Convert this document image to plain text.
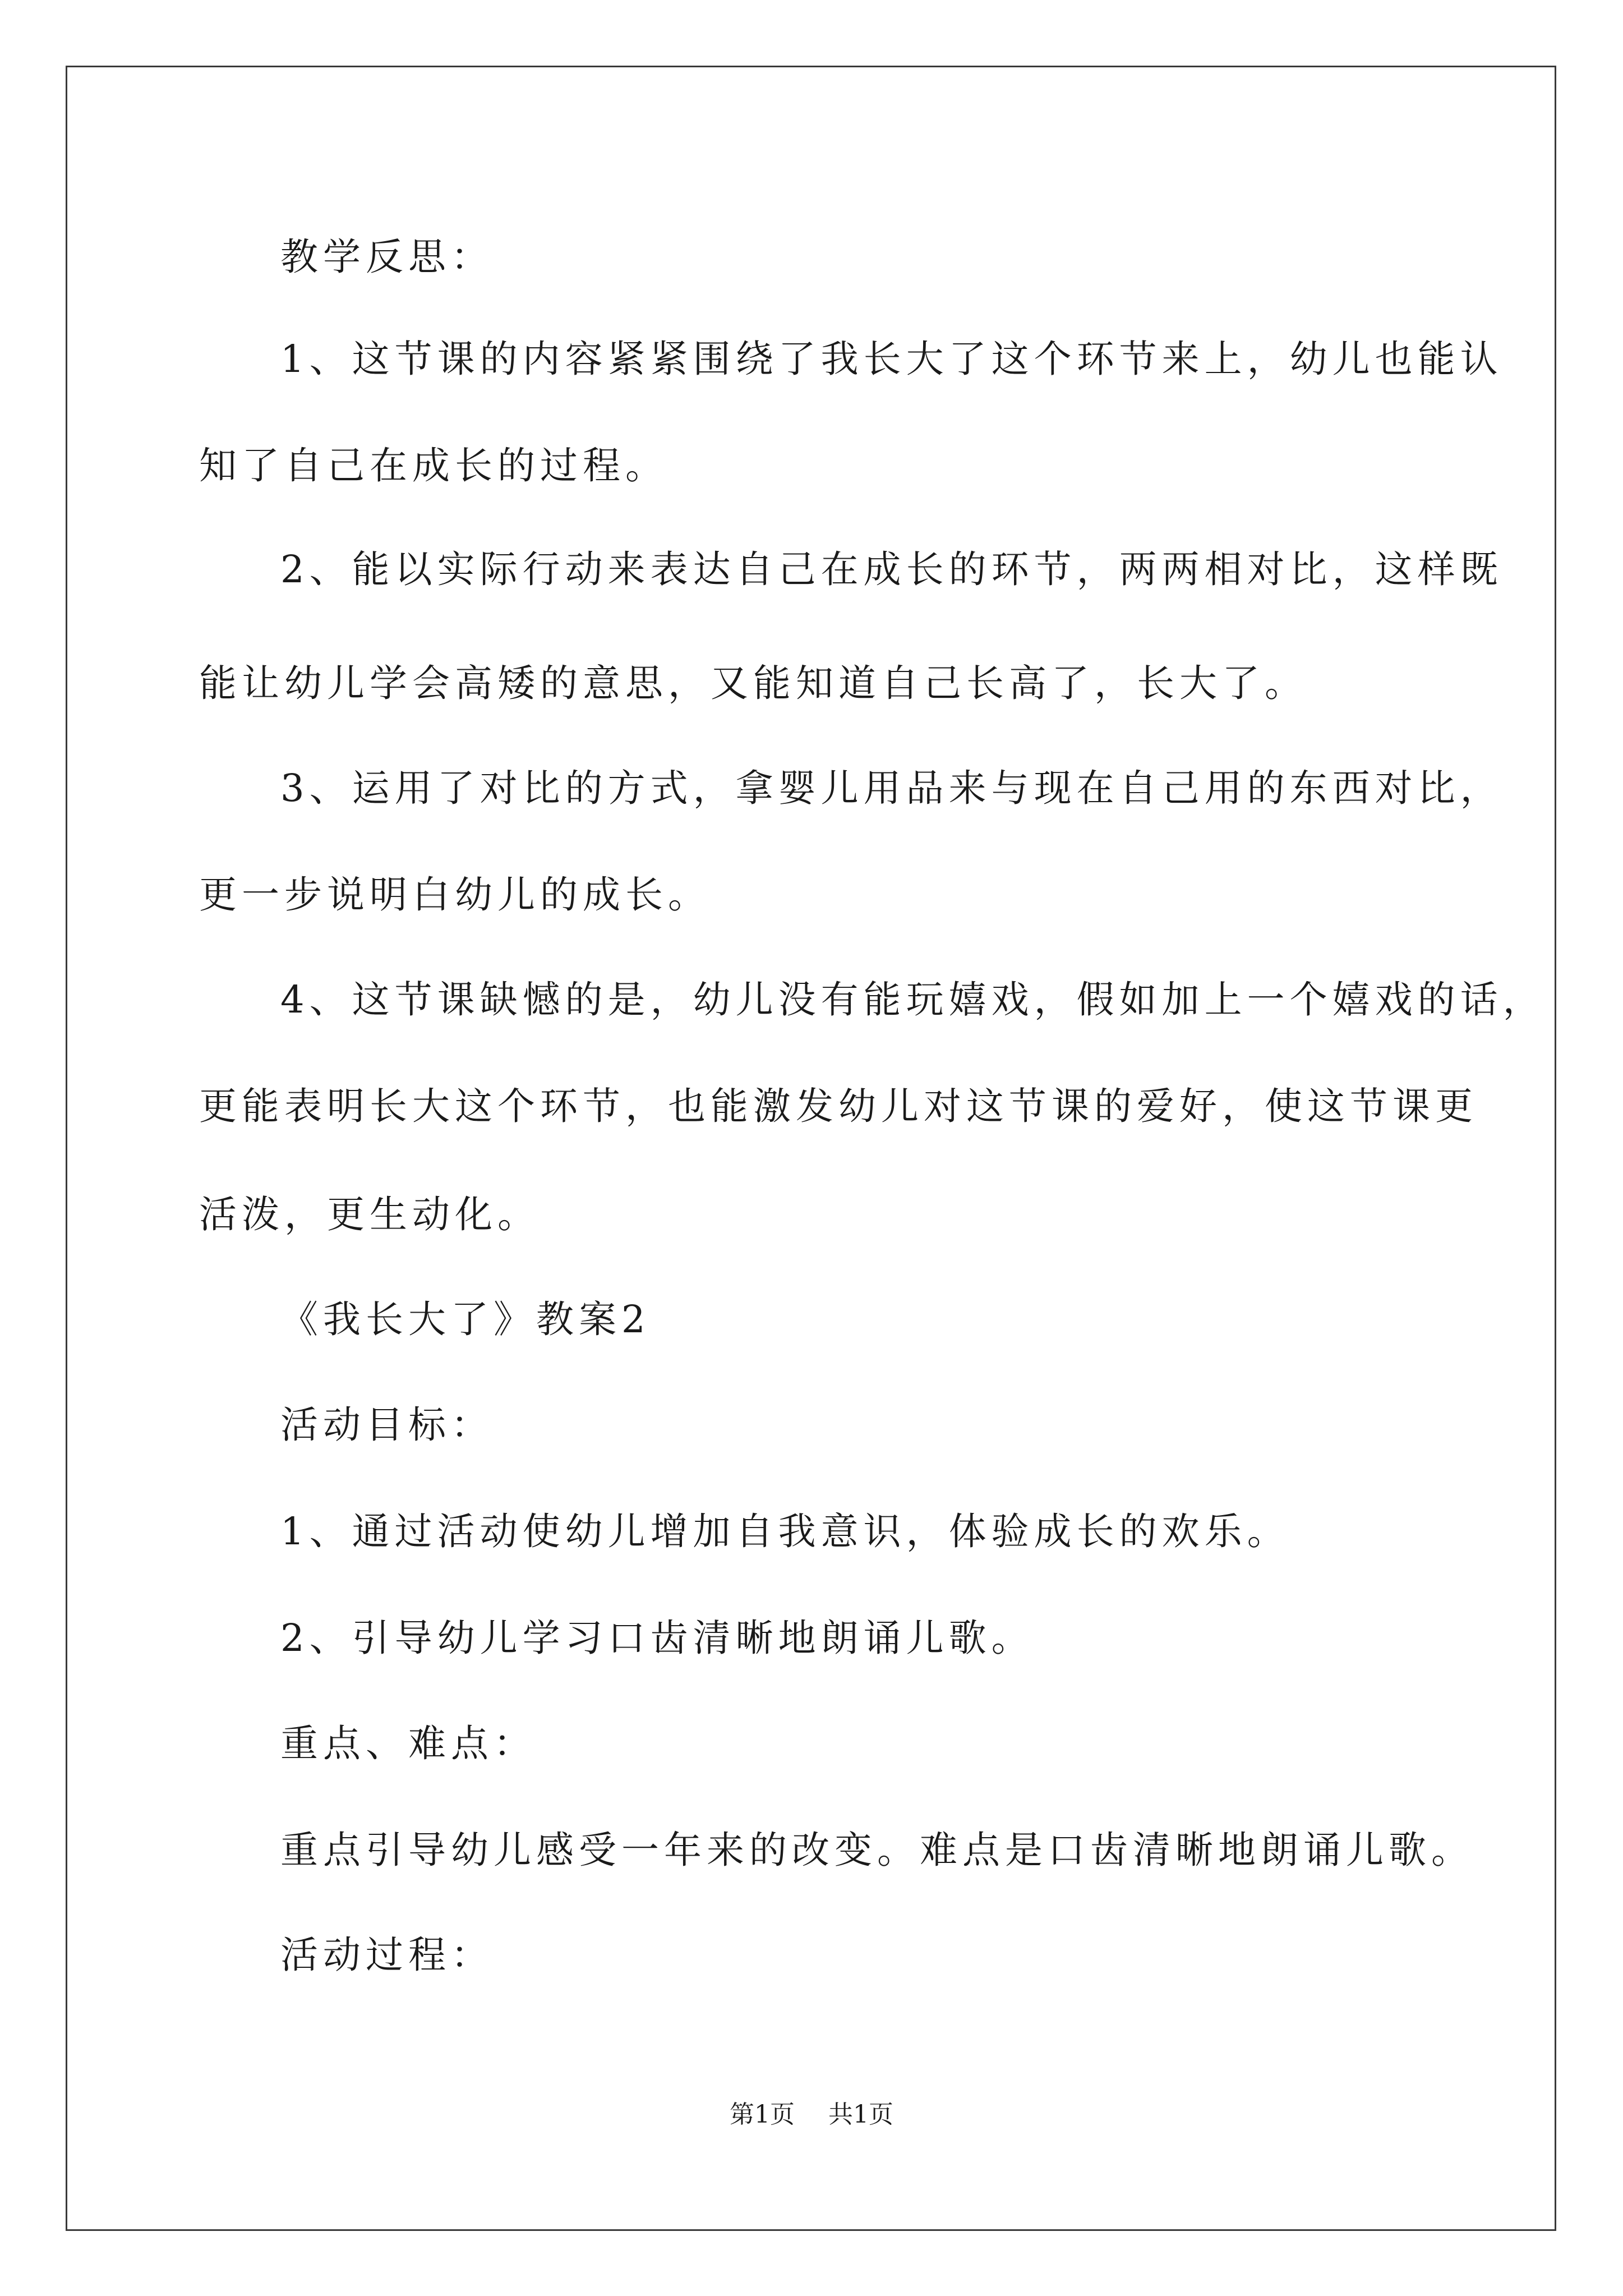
教学反思：
1、这节课的内容紧紧围绕了我长大了这个环节来上，幼儿也能认
知了自己在成长的过程。
2、能以实际行动来表达自己在成长的环节，两两相对比，这样既
能让幼儿学会高矮的意思，又能知道自己长高了，长大了。
3、运用了对比的方式，拿婴儿用品来与现在自己用的东西对比，
更一步说明白幼儿的成长。
4、这节课缺憾的是，幼儿没有能玩嬉戏，假如加上一个嬉戏的话，
更能表明长大这个环节，也能激发幼儿对这节课的爱好，使这节课更
活泼，更生动化。
《我长大了》教案2
活动目标：
1、通过活动使幼儿增加自我意识，体验成长的欢乐。
2、引导幼儿学习口齿清晰地朗诵儿歌。
重点、难点：
重点引导幼儿感受一年来的改变。难点是口齿清晰地朗诵儿歌。
活动过程：
第1页 共1页
